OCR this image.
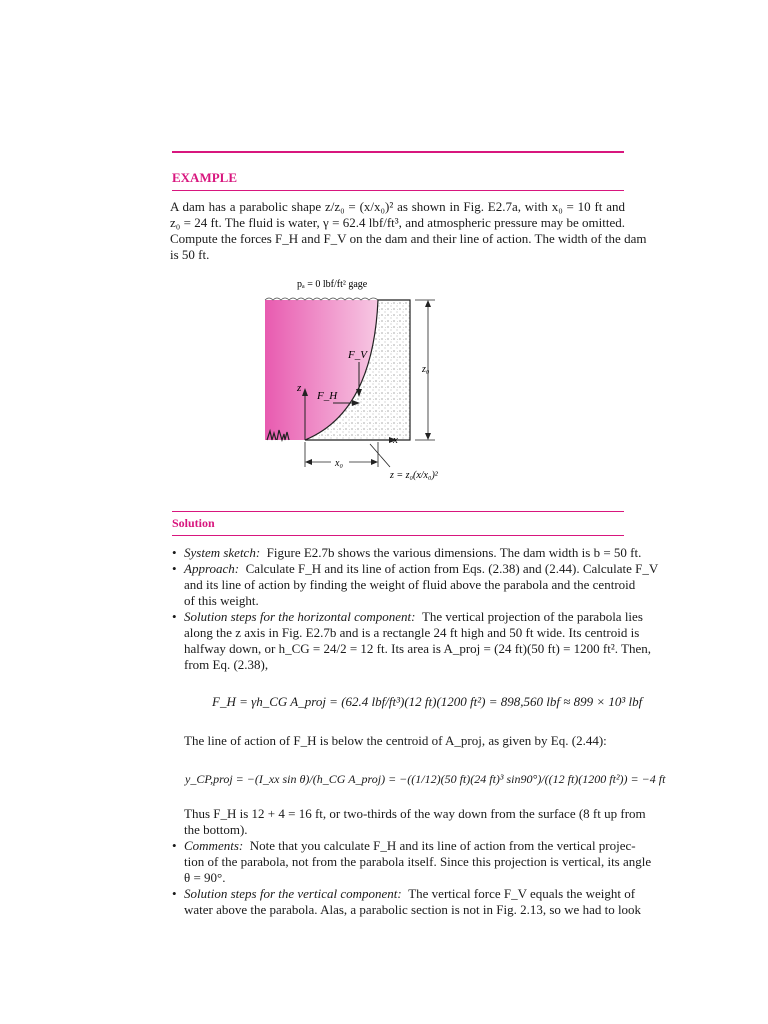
EXAMPLE
A dam has a parabolic shape z/z₀ = (x/x₀)² as shown in Fig. E2.7a, with x₀ = 10 ft and
z₀ = 24 ft. The fluid is water, γ = 62.4 lbf/ft³, and atmospheric pressure may be omitted.
Compute the forces F_H and F_V on the dam and their line of action. The width of the dam
is 50 ft.
z
x
F_V
F_H
z₀
x₀
z = z₀(x/x₀)²
pₐ = 0 lbf/ft² gage
Solution
• System sketch: Figure E2.7b shows the various dimensions. The dam width is b = 50 ft.
• Approach: Calculate F_H and its line of action from Eqs. (2.38) and (2.44). Calculate F_V
and its line of action by finding the weight of fluid above the parabola and the centroid
of this weight.
• Solution steps for the horizontal component: The vertical projection of the parabola lies
along the z axis in Fig. E2.7b and is a rectangle 24 ft high and 50 ft wide. Its centroid is
halfway down, or h_CG = 24/2 = 12 ft. Its area is A_proj = (24 ft)(50 ft) = 1200 ft². Then,
from Eq. (2.38),
F_H = γh_CG A_proj = (62.4 lbf/ft³)(12 ft)(1200 ft²) = 898,560 lbf ≈ 899 × 10³ lbf
The line of action of F_H is below the centroid of A_proj, as given by Eq. (2.44):
y_CP,proj = −(I_xx sin θ)/(h_CG A_proj) = −((1/12)(50 ft)(24 ft)³ sin90°)/((12 ft)(1200 ft²)) = −4 ft
Thus F_H is 12 + 4 = 16 ft, or two-thirds of the way down from the surface (8 ft up from
the bottom).
• Comments: Note that you calculate F_H and its line of action from the vertical projec-
tion of the parabola, not from the parabola itself. Since this projection is vertical, its angle
θ = 90°.
• Solution steps for the vertical component: The vertical force F_V equals the weight of
water above the parabola. Alas, a parabolic section is not in Fig. 2.13, so we had to look
